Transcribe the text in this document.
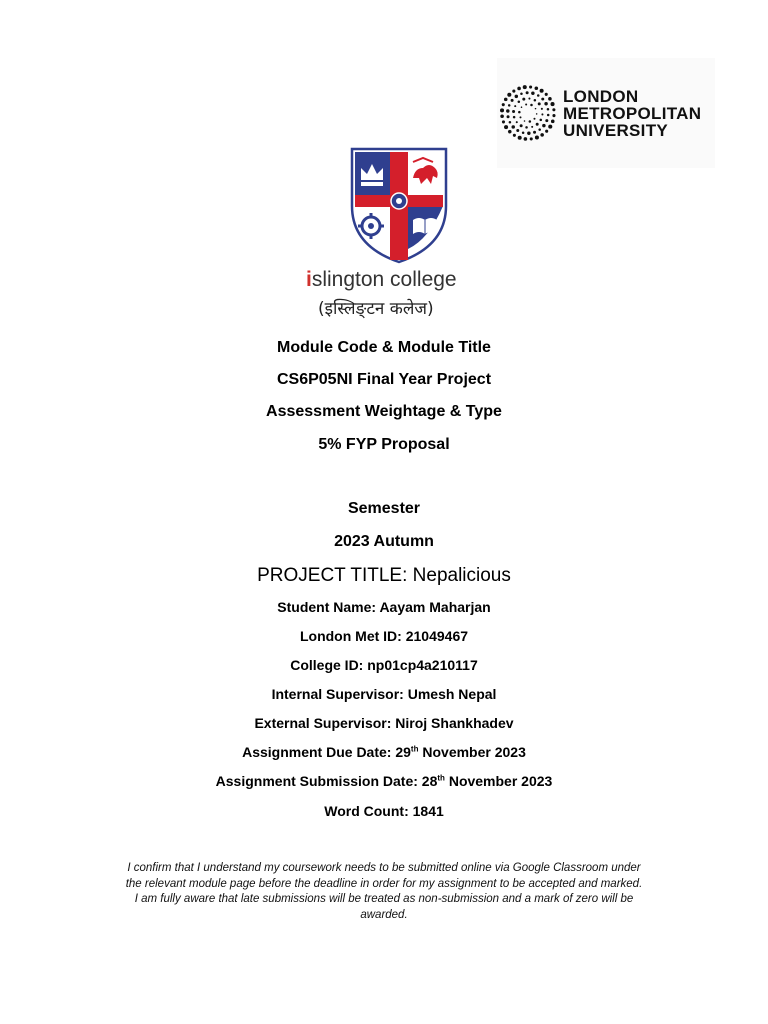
LONDON
METROPOLITAN
UNIVERSITY
islington college
(इस्लिङ्टन कलेज)
Module Code & Module Title
CS6P05NI Final Year Project
Assessment Weightage & Type
5% FYP Proposal
Semester
2023 Autumn
PROJECT TITLE: Nepalicious
Student Name: Aayam Maharjan
London Met ID: 21049467
College ID: np01cp4a210117
Internal Supervisor: Umesh Nepal
External Supervisor: Niroj Shankhadev
Assignment Due Date: 29th November 2023
Assignment Submission Date: 28th November 2023
Word Count: 1841
I confirm that I understand my coursework needs to be submitted online via Google Classroom under
the relevant module page before the deadline in order for my assignment to be accepted and marked.
I am fully aware that late submissions will be treated as non-submission and a mark of zero will be
awarded.
